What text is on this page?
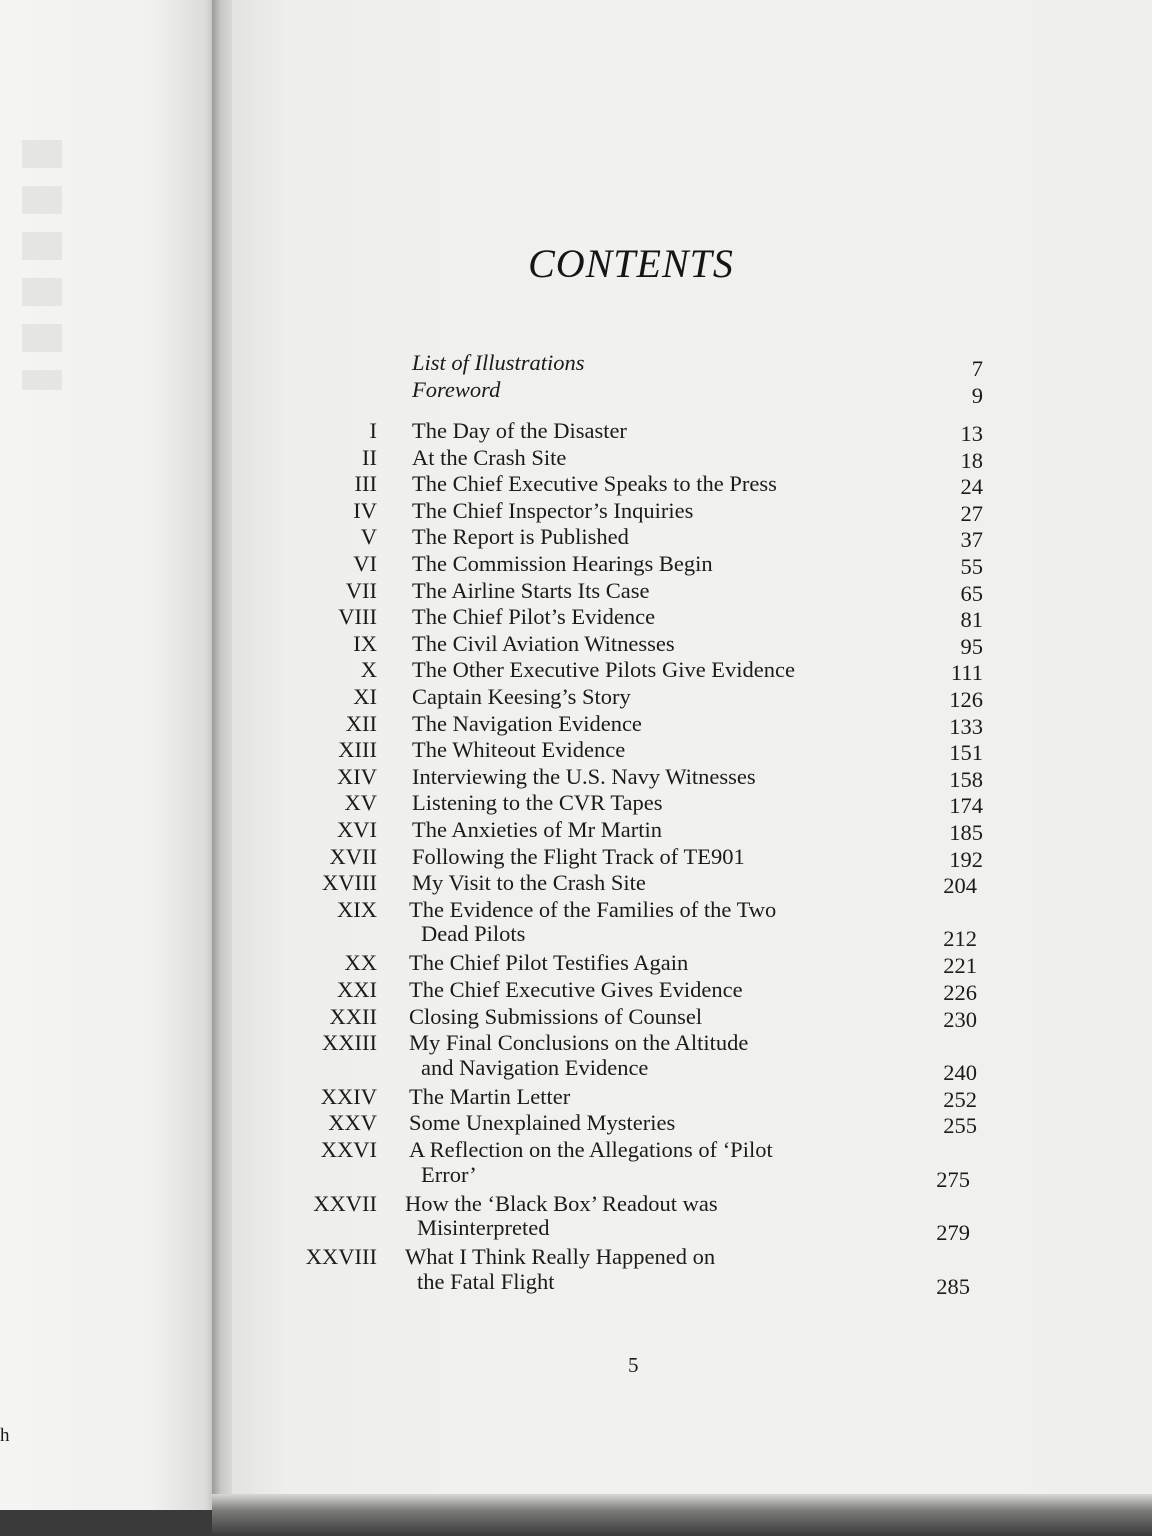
h
CONTENTS
List of Illustrations	7
Foreword	9
I The Day of the Disaster	13
II At the Crash Site	18
III The Chief Executive Speaks to the Press	24
IV The Chief Inspector’s Inquiries	27
V The Report is Published	37
VI The Commission Hearings Begin	55
VII The Airline Starts Its Case	65
VIII The Chief Pilot’s Evidence	81
IX The Civil Aviation Witnesses	95
X The Other Executive Pilots Give Evidence	111
XI Captain Keesing’s Story	126
XII The Navigation Evidence	133
XIII The Whiteout Evidence	151
XIV Interviewing the U.S. Navy Witnesses	158
XV Listening to the CVR Tapes	174
XVI The Anxieties of Mr Martin	185
XVII Following the Flight Track of TE901	192
XVIII My Visit to the Crash Site	204
XIX The Evidence of the Families of the Two
Dead Pilots	212
XX The Chief Pilot Testifies Again	221
XXI The Chief Executive Gives Evidence	226
XXII Closing Submissions of Counsel	230
XXIII My Final Conclusions on the Altitude
and Navigation Evidence	240
XXIV The Martin Letter	252
XXV Some Unexplained Mysteries	255
XXVI A Reflection on the Allegations of ‘Pilot
Error’	275
XXVII How the ‘Black Box’ Readout was
Misinterpreted	279
XXVIII What I Think Really Happened on
the Fatal Flight	285
5
